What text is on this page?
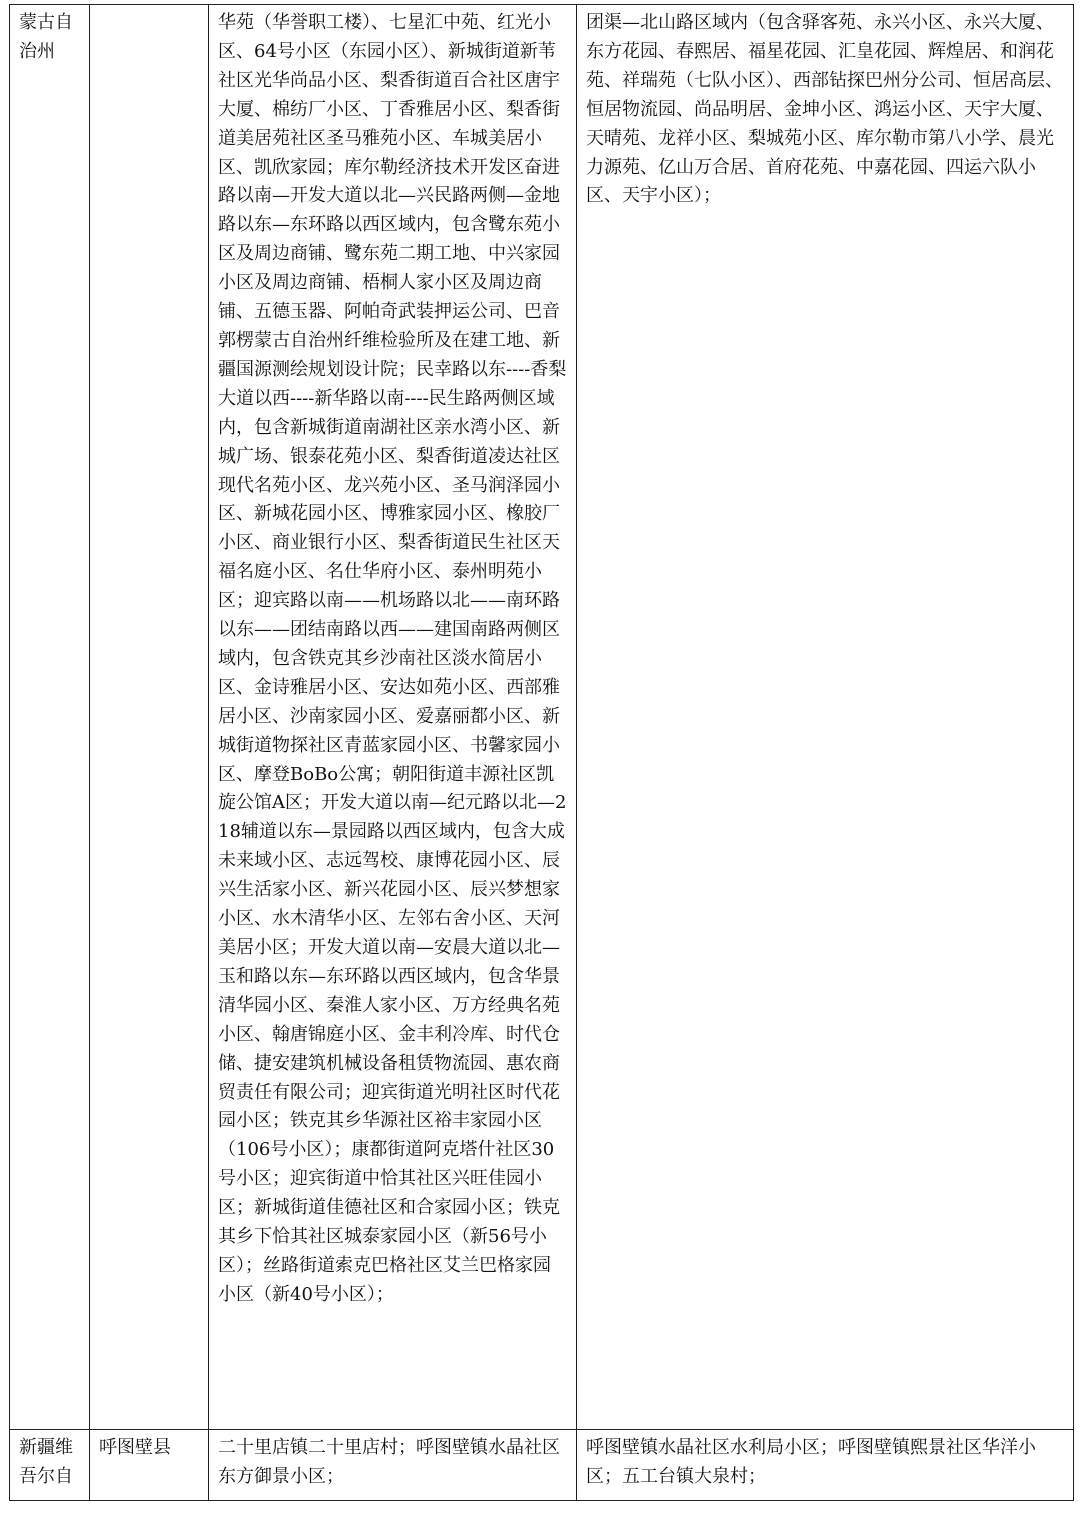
蒙古自治州		华苑（华誉职工楼）、七星汇中苑、红光小区、64号小区（东园小区）、新城街道新苇社区光华尚品小区、梨香街道百合社区唐宇大厦、棉纺厂小区、丁香雅居小区、梨香街道美居苑社区圣马雅苑小区、车城美居小区、凯欣家园；库尔勒经济技术开发区奋进路以南—开发大道以北—兴民路两侧—金地路以东—东环路以西区域内，包含鹭东苑小区及周边商铺、鹭东苑二期工地、中兴家园小区及周边商铺、梧桐人家小区及周边商铺、五德玉器、阿帕奇武装押运公司、巴音郭楞蒙古自治州纤维检验所及在建工地、新疆国源测绘规划设计院；民幸路以东----香梨大道以西----新华路以南----民生路两侧区域内，包含新城街道南湖社区亲水湾小区、新城广场、银泰花苑小区、梨香街道凌达社区现代名苑小区、龙兴苑小区、圣马润泽园小区、新城花园小区、博雅家园小区、橡胶厂小区、商业银行小区、梨香街道民生社区天福名庭小区、名仕华府小区、泰州明苑小区；迎宾路以南——机场路以北——南环路以东——团结南路以西——建国南路两侧区域内，包含铁克其乡沙南社区淡水简居小区、金诗雅居小区、安达如苑小区、西部雅居小区、沙南家园小区、爱嘉丽都小区、新城街道物探社区青蓝家园小区、书馨家园小区、摩登BoBo公寓；朝阳街道丰源社区凯旋公馆A区；开发大道以南—纪元路以北—218辅道以东—景园路以西区域内，包含大成未来域小区、志远驾校、康博花园小区、辰兴生活家小区、新兴花园小区、辰兴梦想家小区、水木清华小区、左邻右舍小区、天河美居小区；开发大道以南—安晨大道以北—玉和路以东—东环路以西区域内，包含华景清华园小区、秦淮人家小区、万方经典名苑小区、翰唐锦庭小区、金丰利冷库、时代仓储、捷安建筑机械设备租赁物流园、惠农商贸责任有限公司；迎宾街道光明社区时代花园小区；铁克其乡华源社区裕丰家园小区（106号小区）；康都街道阿克塔什社区30号小区；迎宾街道中恰其社区兴旺佳园小区；新城街道佳德社区和合家园小区；铁克其乡下恰其社区城泰家园小区（新56号小区）；丝路街道索克巴格社区艾兰巴格家园小区（新40号小区）；	团渠—北山路区域内（包含驿客苑、永兴小区、永兴大厦、东方花园、春熙居、福星花园、汇皇花园、辉煌居、和润花苑、祥瑞苑（七队小区）、西部钻探巴州分公司、恒居高层、恒居物流园、尚品明居、金坤小区、鸿运小区、天宇大厦、天晴苑、龙祥小区、梨城苑小区、库尔勒市第八小学、晨光力源苑、亿山万合居、首府花苑、中嘉花园、四运六队小区、天宇小区）；
新疆维吾尔自	呼图壁县	二十里店镇二十里店村；呼图壁镇水晶社区东方御景小区；	呼图壁镇水晶社区水利局小区；呼图壁镇熙景社区华洋小区；五工台镇大泉村；
